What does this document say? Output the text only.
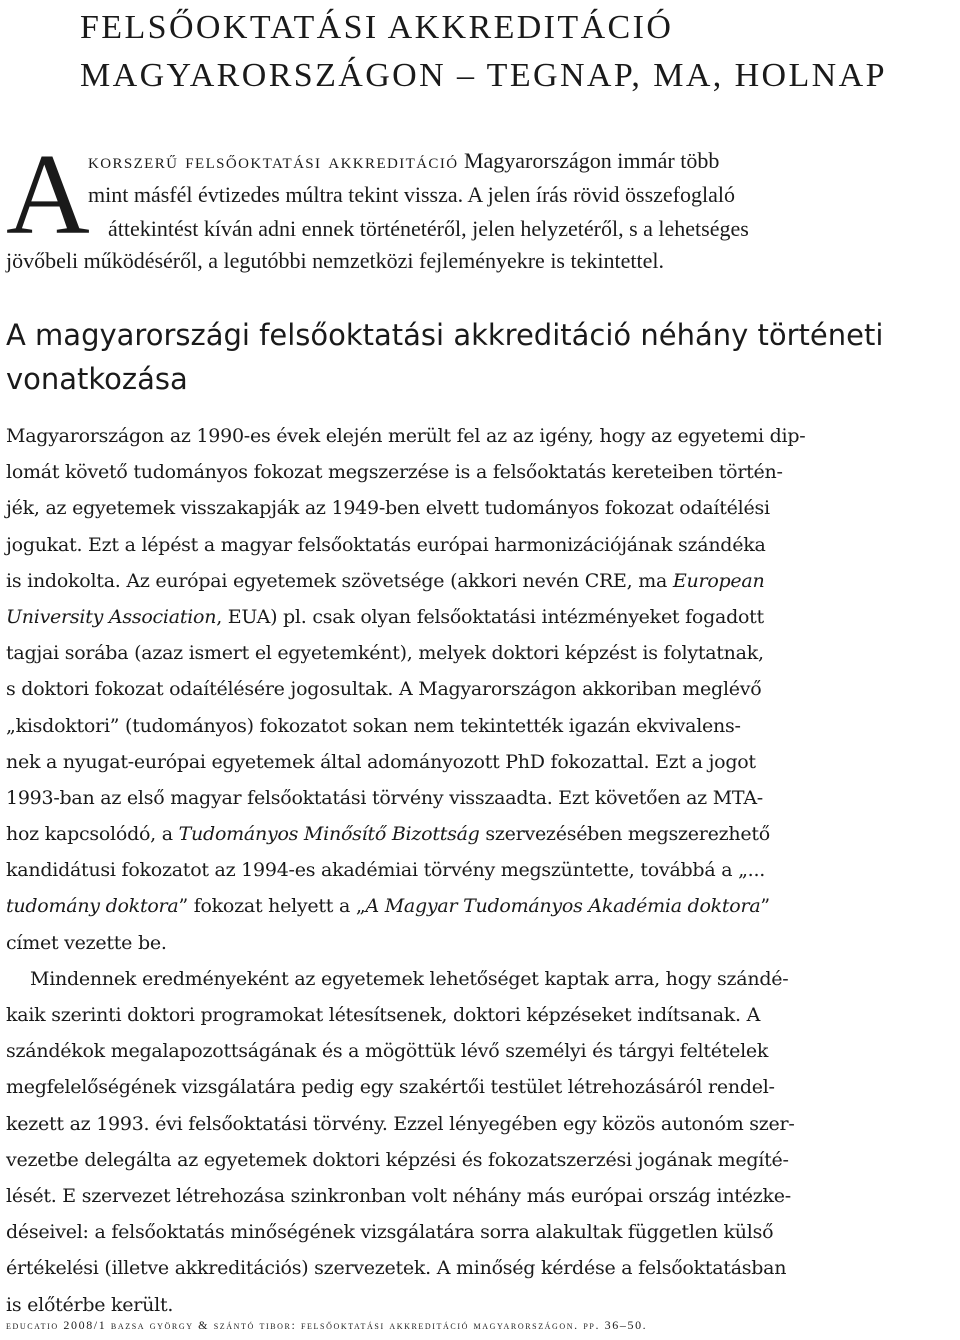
FELSŐOKTATÁSI AKKREDITÁCIÓ
MAGYARORSZÁGON – TEGNAP, MA, HOLNAP
A
korszerű felsőoktatási akkreditáció Magyarországon immár több
mint másfél évtizedes múltra tekint vissza. A jelen írás rövid összefoglaló
áttekintést kíván adni ennek történetéről, jelen helyzetéről, s a lehetséges
jövőbeli működéséről, a legutóbbi nemzetközi fejleményekre is tekintettel.
A magyarországi felsőoktatási akkreditáció néhány történeti
vonatkozása
Magyarországon az 1990-es évek elején merült fel az az igény, hogy az egyetemi dip-
lomát követő tudományos fokozat megszerzése is a felsőoktatás kereteiben történ-
jék, az egyetemek visszakapják az 1949-ben elvett tudományos fokozat odaítélési
jogukat. Ezt a lépést a magyar felsőoktatás európai harmonizációjának szándéka
is indokolta. Az európai egyetemek szövetsége (akkori nevén CRE, ma European
University Association, EUA) pl. csak olyan felsőoktatási intézményeket fogadott
tagjai sorába (azaz ismert el egyetemként), melyek doktori képzést is folytatnak,
s doktori fokozat odaítélésére jogosultak. A Magyarországon akkoriban meglévő
„kisdoktori” (tudományos) fokozatot sokan nem tekintették igazán ekvivalens-
nek a nyugat-európai egyetemek által adományozott PhD fokozattal. Ezt a jogot
1993-ban az első magyar felsőoktatási törvény visszaadta. Ezt követően az MTA-
hoz kapcsolódó, a Tudományos Minősítő Bizottság szervezésében megszerezhető
kandidátusi fokozatot az 1994-es akadémiai törvény megszüntette, továbbá a „...
tudomány doktora” fokozat helyett a „A Magyar Tudományos Akadémia doktora”
címet vezette be.
Mindennek eredményeként az egyetemek lehetőséget kaptak arra, hogy szándé-
kaik szerinti doktori programokat létesítsenek, doktori képzéseket indítsanak. A
szándékok megalapozottságának és a mögöttük lévő személyi és tárgyi feltételek
megfelelőségének vizsgálatára pedig egy szakértői testület létrehozásáról rendel-
kezett az 1993. évi felsőoktatási törvény. Ezzel lényegében egy közös autonóm szer-
vezetbe delegálta az egyetemek doktori képzési és fokozatszerzési jogának megíté-
lését. E szervezet létrehozása szinkronban volt néhány más európai ország intézke-
déseivel: a felsőoktatás minőségének vizsgálatára sorra alakultak független külső
értékelési (illetve akkreditációs) szervezetek. A minőség kérdése a felsőoktatásban
is előtérbe került.
educatio 2008/1 bazsa györgy & szántó tibor: felsőoktatási akkreditáció magyarországon. pp. 36–50.
